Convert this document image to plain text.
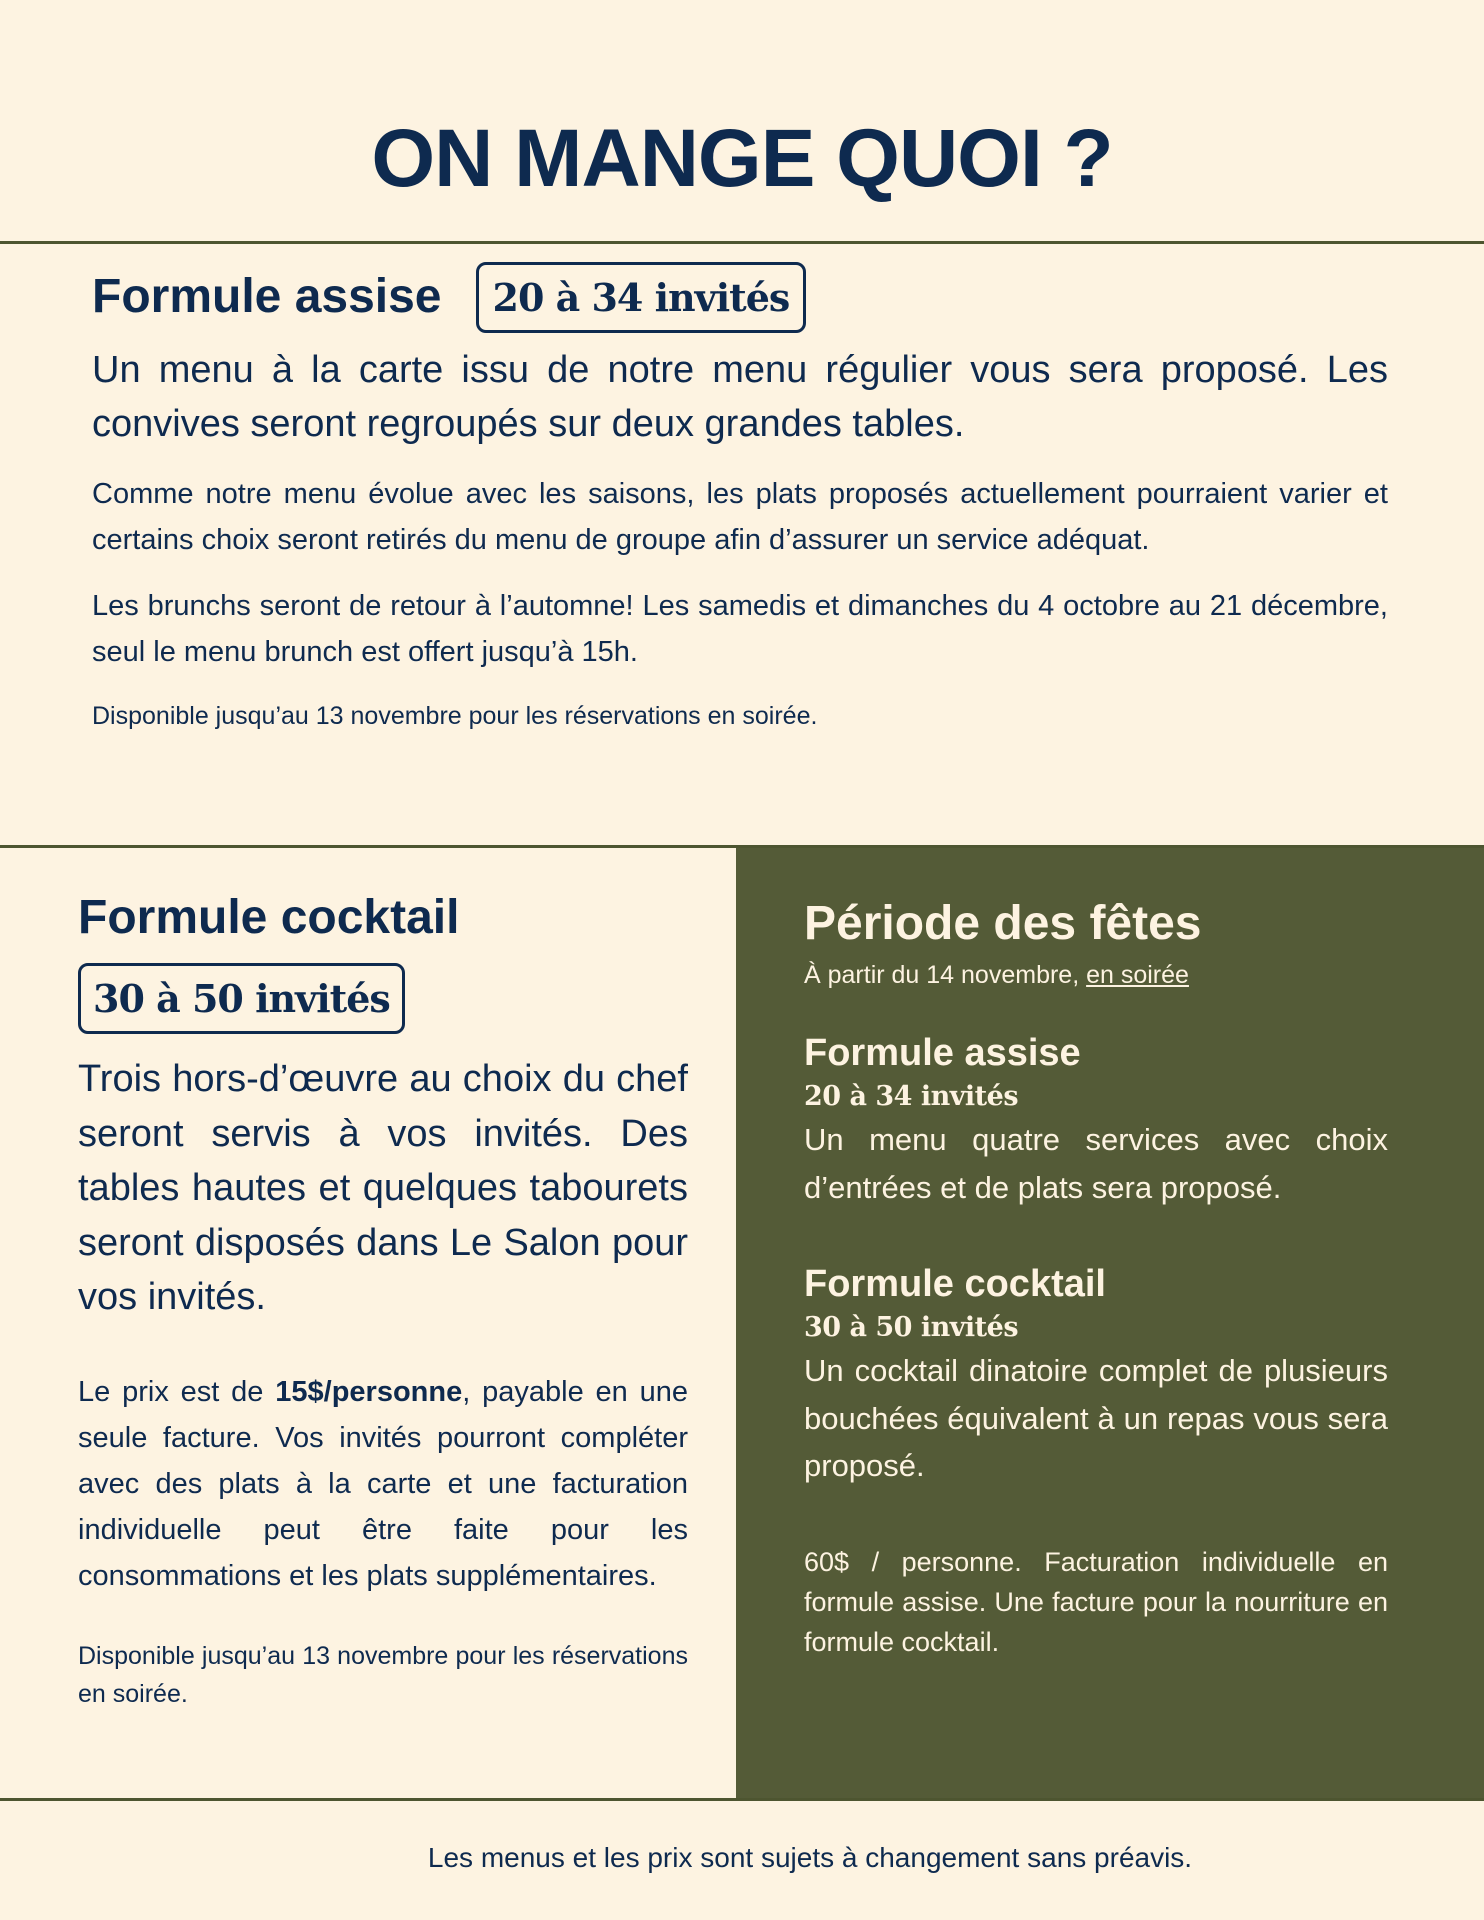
ON MANGE QUOI ?
Formule assise	20 à 34 invités

Un menu à la carte issu de notre menu régulier vous sera proposé. Les convives seront regroupés sur deux grandes tables.

Comme notre menu évolue avec les saisons, les plats proposés actuellement pourraient varier et certains choix seront retirés du menu de groupe afin d’assurer un service adéquat.

Les brunchs seront de retour à l’automne! Les samedis et dimanches du 4 octobre au 21 décembre, seul le menu brunch est offert jusqu’à 15h.

Disponible jusqu’au 13 novembre pour les réservations en soirée.

Formule cocktail
30 à 50 invités

Trois hors-d’œuvre au choix du chef seront servis à vos invités. Des tables hautes et quelques tabourets seront disposés dans Le Salon pour vos invités.

Le prix est de 15$/personne, payable en une seule facture. Vos invités pourront compléter avec des plats à la carte et une facturation individuelle peut être faite pour les consommations et les plats supplémentaires.

Disponible jusqu’au 13 novembre pour les réservations en soirée.

Période des fêtes
À partir du 14 novembre, en soirée
Formule assise
20 à 34 invités
Un menu quatre services avec choix d’entrées et de plats sera proposé.
Formule cocktail
30 à 50 invités
Un cocktail dinatoire complet de plusieurs bouchées équivalent à un repas vous sera proposé.
60$ / personne. Facturation individuelle en formule assise. Une facture pour la nourriture en formule cocktail.
Les menus et les prix sont sujets à changement sans préavis.
